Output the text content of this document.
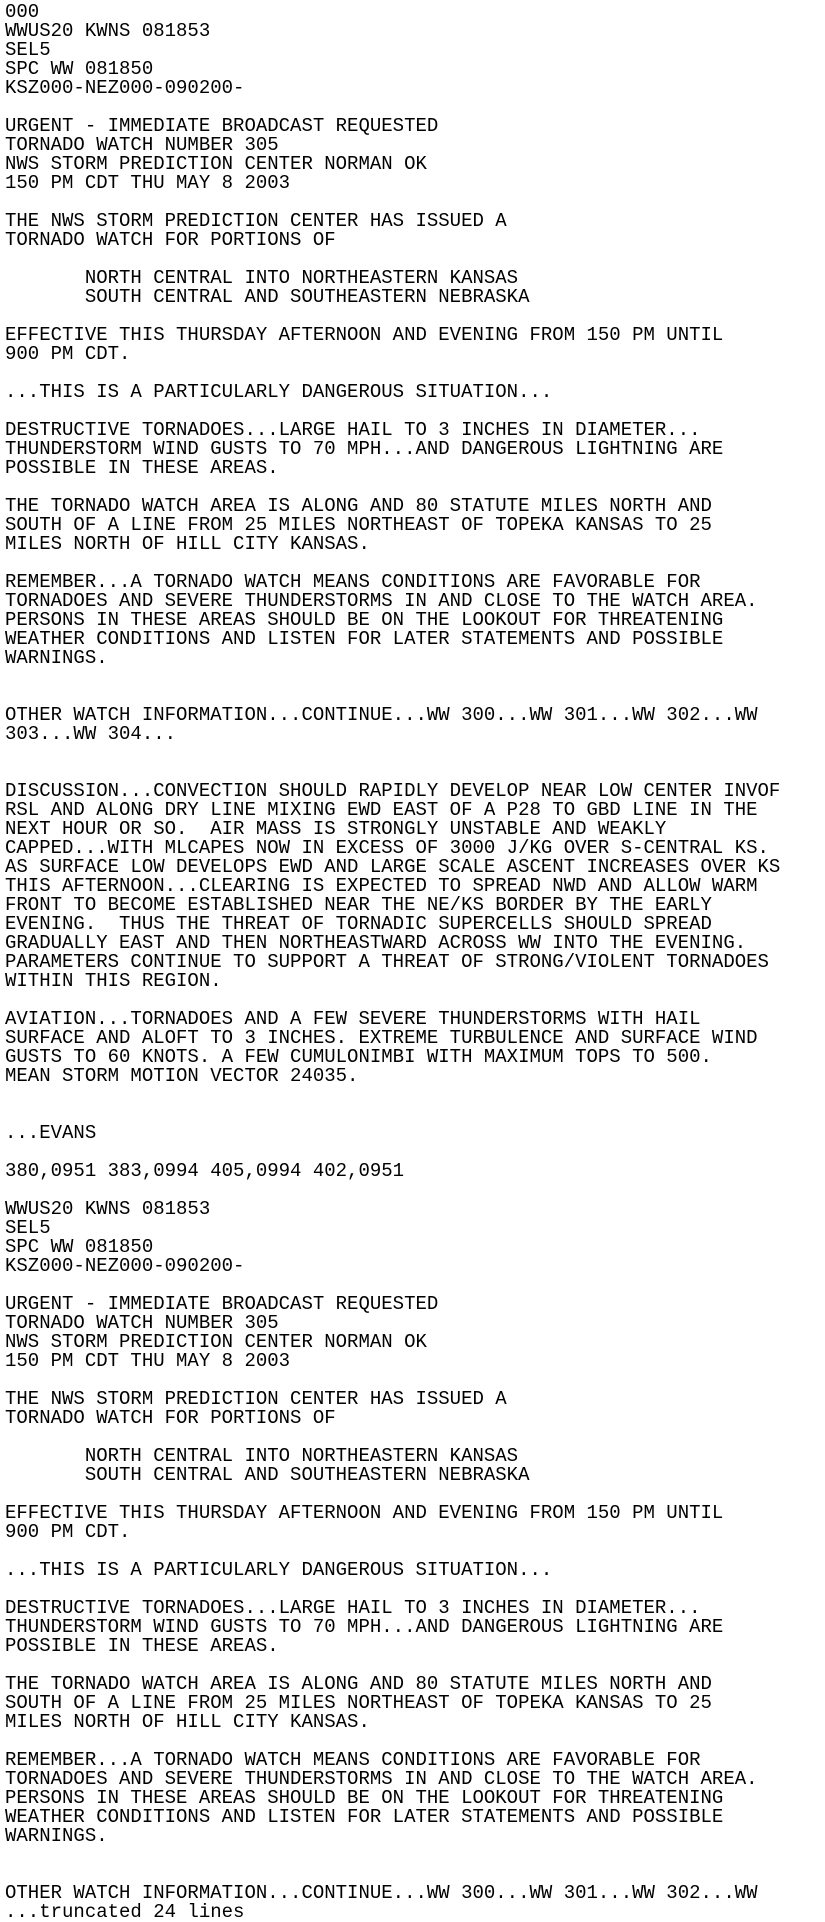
000
WWUS20 KWNS 081853
SEL5
SPC WW 081850
KSZ000-NEZ000-090200-
URGENT - IMMEDIATE BROADCAST REQUESTED
TORNADO WATCH NUMBER 305
NWS STORM PREDICTION CENTER NORMAN OK
150 PM CDT THU MAY 8 2003
THE NWS STORM PREDICTION CENTER HAS ISSUED A
TORNADO WATCH FOR PORTIONS OF
NORTH CENTRAL INTO NORTHEASTERN KANSAS
SOUTH CENTRAL AND SOUTHEASTERN NEBRASKA
EFFECTIVE THIS THURSDAY AFTERNOON AND EVENING FROM 150 PM UNTIL
900 PM CDT.
...THIS IS A PARTICULARLY DANGEROUS SITUATION...
DESTRUCTIVE TORNADOES...LARGE HAIL TO 3 INCHES IN DIAMETER...
THUNDERSTORM WIND GUSTS TO 70 MPH...AND DANGEROUS LIGHTNING ARE
POSSIBLE IN THESE AREAS.
THE TORNADO WATCH AREA IS ALONG AND 80 STATUTE MILES NORTH AND
SOUTH OF A LINE FROM 25 MILES NORTHEAST OF TOPEKA KANSAS TO 25
MILES NORTH OF HILL CITY KANSAS.
REMEMBER...A TORNADO WATCH MEANS CONDITIONS ARE FAVORABLE FOR
TORNADOES AND SEVERE THUNDERSTORMS IN AND CLOSE TO THE WATCH AREA.
PERSONS IN THESE AREAS SHOULD BE ON THE LOOKOUT FOR THREATENING
WEATHER CONDITIONS AND LISTEN FOR LATER STATEMENTS AND POSSIBLE
WARNINGS.
OTHER WATCH INFORMATION...CONTINUE...WW 300...WW 301...WW 302...WW
303...WW 304...
DISCUSSION...CONVECTION SHOULD RAPIDLY DEVELOP NEAR LOW CENTER INVOF
RSL AND ALONG DRY LINE MIXING EWD EAST OF A P28 TO GBD LINE IN THE
NEXT HOUR OR SO.  AIR MASS IS STRONGLY UNSTABLE AND WEAKLY
CAPPED...WITH MLCAPES NOW IN EXCESS OF 3000 J/KG OVER S-CENTRAL KS.
AS SURFACE LOW DEVELOPS EWD AND LARGE SCALE ASCENT INCREASES OVER KS
THIS AFTERNOON...CLEARING IS EXPECTED TO SPREAD NWD AND ALLOW WARM
FRONT TO BECOME ESTABLISHED NEAR THE NE/KS BORDER BY THE EARLY
EVENING.  THUS THE THREAT OF TORNADIC SUPERCELLS SHOULD SPREAD
GRADUALLY EAST AND THEN NORTHEASTWARD ACROSS WW INTO THE EVENING.
PARAMETERS CONTINUE TO SUPPORT A THREAT OF STRONG/VIOLENT TORNADOES
WITHIN THIS REGION.
AVIATION...TORNADOES AND A FEW SEVERE THUNDERSTORMS WITH HAIL
SURFACE AND ALOFT TO 3 INCHES. EXTREME TURBULENCE AND SURFACE WIND
GUSTS TO 60 KNOTS. A FEW CUMULONIMBI WITH MAXIMUM TOPS TO 500.
MEAN STORM MOTION VECTOR 24035.
...EVANS
380,0951 383,0994 405,0994 402,0951
WWUS20 KWNS 081853
SEL5
SPC WW 081850
KSZ000-NEZ000-090200-
URGENT - IMMEDIATE BROADCAST REQUESTED
TORNADO WATCH NUMBER 305
NWS STORM PREDICTION CENTER NORMAN OK
150 PM CDT THU MAY 8 2003
THE NWS STORM PREDICTION CENTER HAS ISSUED A
TORNADO WATCH FOR PORTIONS OF
NORTH CENTRAL INTO NORTHEASTERN KANSAS
SOUTH CENTRAL AND SOUTHEASTERN NEBRASKA
EFFECTIVE THIS THURSDAY AFTERNOON AND EVENING FROM 150 PM UNTIL
900 PM CDT.
...THIS IS A PARTICULARLY DANGEROUS SITUATION...
DESTRUCTIVE TORNADOES...LARGE HAIL TO 3 INCHES IN DIAMETER...
THUNDERSTORM WIND GUSTS TO 70 MPH...AND DANGEROUS LIGHTNING ARE
POSSIBLE IN THESE AREAS.
THE TORNADO WATCH AREA IS ALONG AND 80 STATUTE MILES NORTH AND
SOUTH OF A LINE FROM 25 MILES NORTHEAST OF TOPEKA KANSAS TO 25
MILES NORTH OF HILL CITY KANSAS.
REMEMBER...A TORNADO WATCH MEANS CONDITIONS ARE FAVORABLE FOR
TORNADOES AND SEVERE THUNDERSTORMS IN AND CLOSE TO THE WATCH AREA.
PERSONS IN THESE AREAS SHOULD BE ON THE LOOKOUT FOR THREATENING
WEATHER CONDITIONS AND LISTEN FOR LATER STATEMENTS AND POSSIBLE
WARNINGS.
OTHER WATCH INFORMATION...CONTINUE...WW 300...WW 301...WW 302...WW
...truncated 24 lines
